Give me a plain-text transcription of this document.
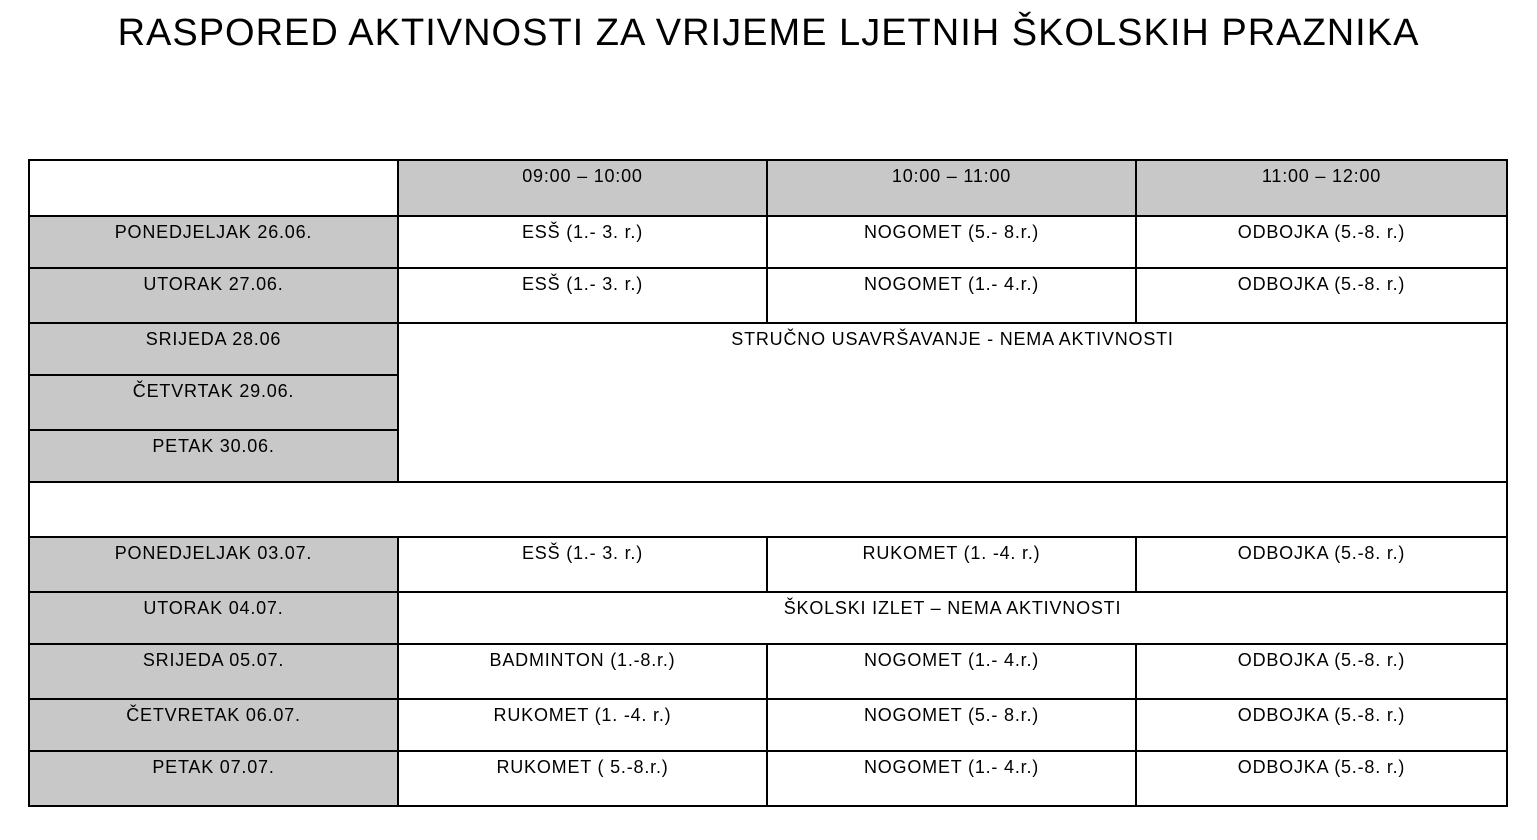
RASPORED AKTIVNOSTI ZA VRIJEME LJETNIH ŠKOLSKIH PRAZNIKA
	09:00 – 10:00	10:00 – 11:00	11:00 – 12:00
PONEDJELJAK 26.06.	ESŠ (1.- 3. r.)	NOGOMET (5.- 8.r.)	ODBOJKA (5.-8. r.)
UTORAK 27.06.	ESŠ (1.- 3. r.)	NOGOMET (1.- 4.r.)	ODBOJKA (5.-8. r.)
SRIJEDA 28.06	STRUČNO USAVRŠAVANJE - NEMA AKTIVNOSTI		
ČETVRTAK 29.06.			
PETAK 30.06.			

PONEDJELJAK 03.07.	ESŠ (1.- 3. r.)	RUKOMET (1. -4. r.)	ODBOJKA (5.-8. r.)
UTORAK 04.07.	ŠKOLSKI IZLET – NEMA AKTIVNOSTI		
SRIJEDA 05.07.	BADMINTON (1.-8.r.)	NOGOMET (1.- 4.r.)	ODBOJKA (5.-8. r.)
ČETVRETAK 06.07.	RUKOMET (1. -4. r.)	NOGOMET (5.- 8.r.)	ODBOJKA (5.-8. r.)
PETAK 07.07.	RUKOMET ( 5.-8.r.)	NOGOMET (1.- 4.r.)	ODBOJKA (5.-8. r.)
